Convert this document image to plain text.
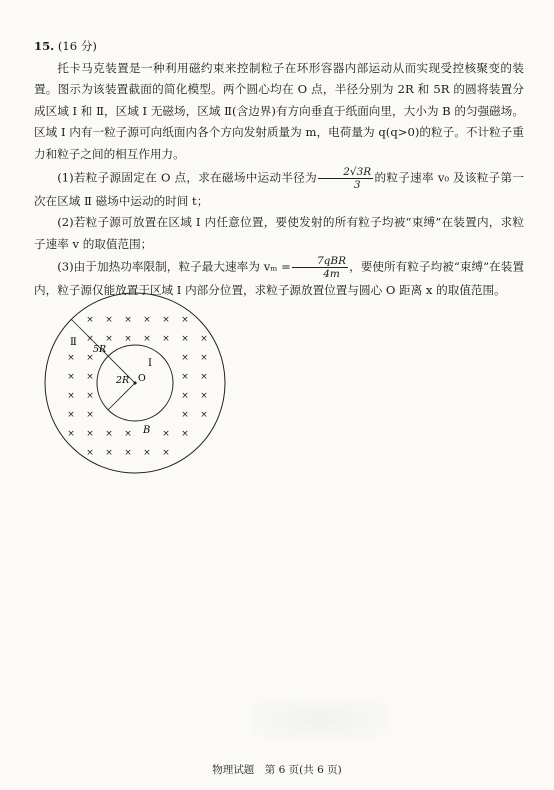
15. (16 分)

托卡马克装置是一种利用磁约束来控制粒子在环形容器内部运动从而实现受控核聚变的装置。图示为该装置截面的简化模型。两个圆心均在 O 点，半径分别为 2R 和 5R 的圆将装置分成区域 Ⅰ 和 Ⅱ，区域 Ⅰ 无磁场，区域 Ⅱ(含边界)有方向垂直于纸面向里，大小为 B 的匀强磁场。区域 Ⅰ 内有一粒子源可向纸面内各个方向发射质量为 m，电荷量为 q(q>0)的粒子。不计粒子重力和粒子之间的相互作用力。

(1)若粒子源固定在 O 点，求在磁场中运动半径为 $\frac{2√3R}{3}$ 的粒子速率 v₀ 及该粒子第一次在区域 Ⅱ 磁场中运动的时间 t；

(2)若粒子源可放置在区域 Ⅰ 内任意位置，要使发射的所有粒子均被“束缚”在装置内，求粒子速率 v 的取值范围；

(3)由于加热功率限制，粒子最大速率为 $v_m = \frac{\text{7qBR}}{4m}$ ，要使所有粒子均被“束缚”在装置内，粒子源仅能放置于区域 Ⅰ 内部分位置，求粒子源放置位置与圆心 O 距离 x 的取值范围。

× × × × × ×
× × × × × × ×
× ×	× ×
× ×	× ×
× ×	× ×
× ×	× ×
× × × ×	× ×
× × × × ×
Ⅱ
Ⅰ
5R
2R O
B
物理试题　第 6 页(共 6 页)
